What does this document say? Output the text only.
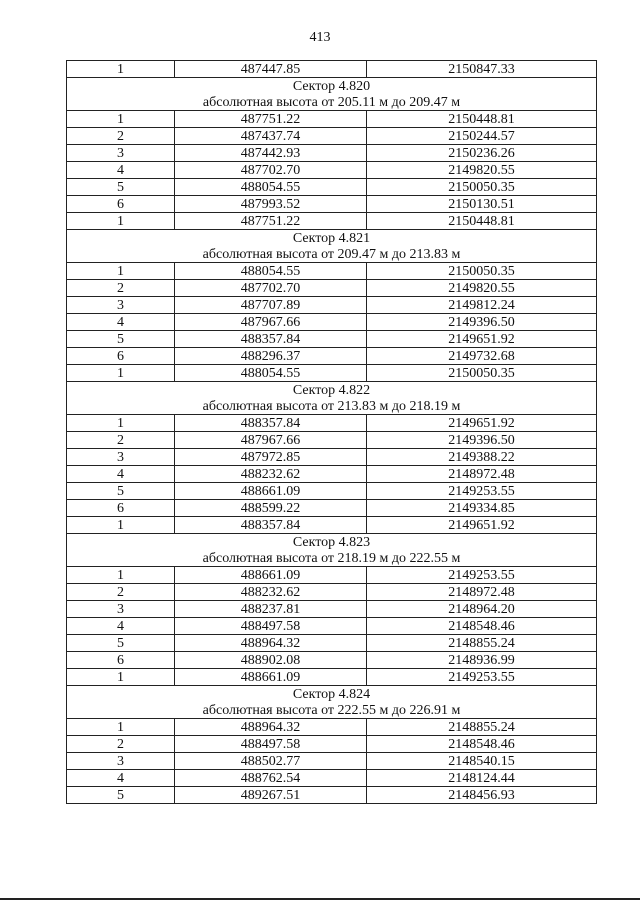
413
1	487447.85	2150847.33
Сектор 4.820		
абсолютная высота от 205.11 м до 209.47 м		
1	487751.22	2150448.81
2	487437.74	2150244.57
3	487442.93	2150236.26
4	487702.70	2149820.55
5	488054.55	2150050.35
6	487993.52	2150130.51
1	487751.22	2150448.81
Сектор 4.821		
абсолютная высота от 209.47 м до 213.83 м		
1	488054.55	2150050.35
2	487702.70	2149820.55
3	487707.89	2149812.24
4	487967.66	2149396.50
5	488357.84	2149651.92
6	488296.37	2149732.68
1	488054.55	2150050.35
Сектор 4.822		
абсолютная высота от 213.83 м до 218.19 м		
1	488357.84	2149651.92
2	487967.66	2149396.50
3	487972.85	2149388.22
4	488232.62	2148972.48
5	488661.09	2149253.55
6	488599.22	2149334.85
1	488357.84	2149651.92
Сектор 4.823		
абсолютная высота от 218.19 м до 222.55 м		
1	488661.09	2149253.55
2	488232.62	2148972.48
3	488237.81	2148964.20
4	488497.58	2148548.46
5	488964.32	2148855.24
6	488902.08	2148936.99
1	488661.09	2149253.55
Сектор 4.824		
абсолютная высота от 222.55 м до 226.91 м		
1	488964.32	2148855.24
2	488497.58	2148548.46
3	488502.77	2148540.15
4	488762.54	2148124.44
5	489267.51	2148456.93
